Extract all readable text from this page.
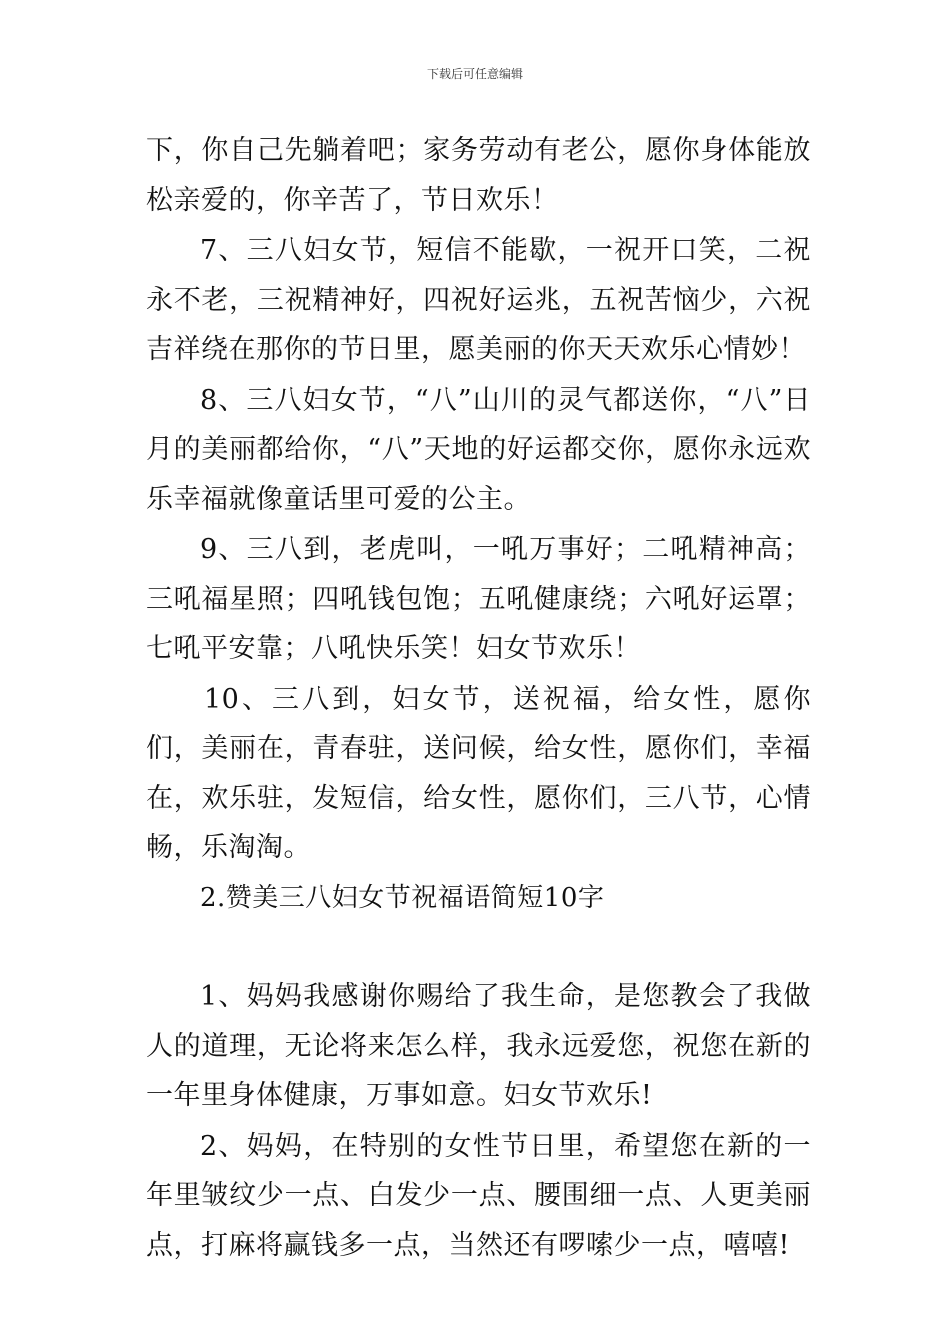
下载后可任意编辑

下，你自己先躺着吧；家务劳动有老公，愿你身体能放松亲爱的，你辛苦了，节日欢乐！

7、三八妇女节，短信不能歇，一祝开口笑，二祝永不老，三祝精神好，四祝好运兆，五祝苦恼少，六祝吉祥绕在那你的节日里，愿美丽的你天天欢乐心情妙！

8、三八妇女节，“八”山川的灵气都送你，“八”日月的美丽都给你，“八”天地的好运都交你，愿你永远欢乐幸福就像童话里可爱的公主。

9、三八到，老虎叫，一吼万事好；二吼精神高；三吼福星照；四吼钱包饱；五吼健康绕；六吼好运罩；七吼平安靠；八吼快乐笑！妇女节欢乐！

10、三八到，妇女节，送祝福，给女性，愿你们，美丽在，青春驻，送问候，给女性，愿你们，幸福在，欢乐驻，发短信，给女性，愿你们，三八节，心情畅，乐淘淘。

2.赞美三八妇女节祝福语简短10字

1、妈妈我感谢你赐给了我生命，是您教会了我做人的道理，无论将来怎么样，我永远爱您，祝您在新的一年里身体健康，万事如意。妇女节欢乐!

2、妈妈，在特别的女性节日里，希望您在新的一年里皱纹少一点、白发少一点、腰围细一点、人更美丽点，打麻将赢钱多一点，当然还有啰嗦少一点，嘻嘻!
